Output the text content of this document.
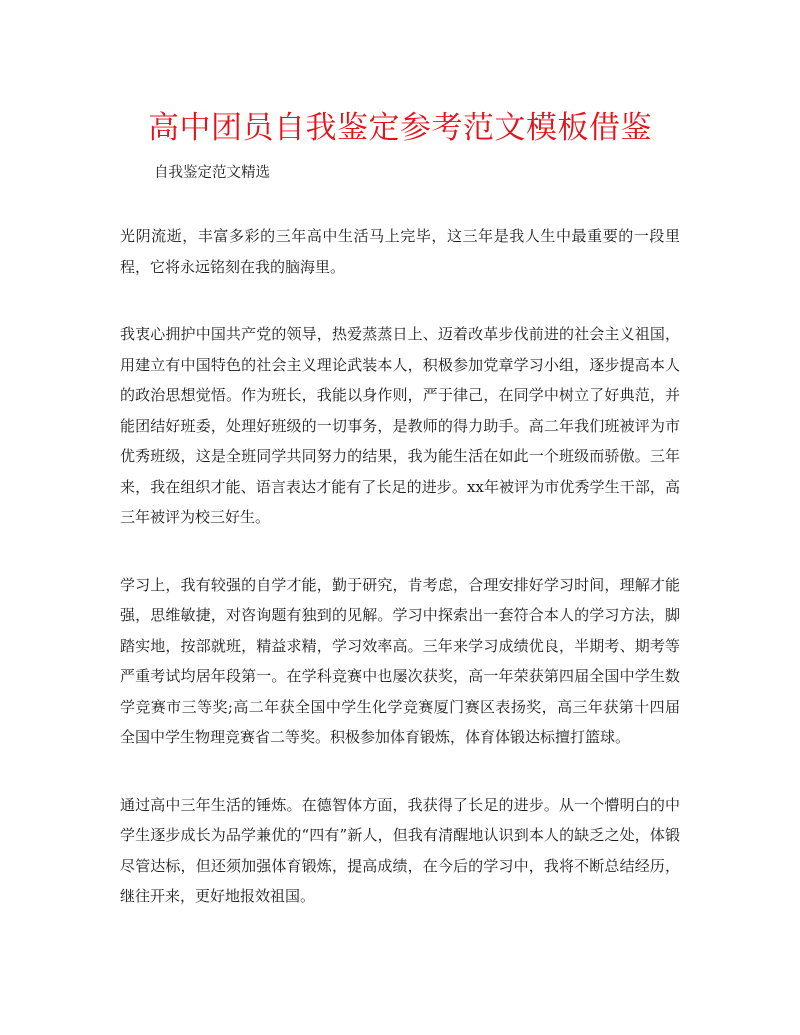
高中团员自我鉴定参考范文模板借鉴

自我鉴定范文精选

光阴流逝，丰富多彩的三年高中生活马上完毕，这三年是我人生中最重要的一段里程，它将永远铭刻在我的脑海里。

我衷心拥护中国共产党的领导，热爱蒸蒸日上、迈着改革步伐前进的社会主义祖国，用建立有中国特色的社会主义理论武装本人，积极参加党章学习小组，逐步提高本人的政治思想觉悟。作为班长，我能以身作则，严于律己，在同学中树立了好典范，并能团结好班委，处理好班级的一切事务，是教师的得力助手。高二年我们班被评为市优秀班级，这是全班同学共同努力的结果，我为能生活在如此一个班级而骄傲。三年来，我在组织才能、语言表达才能有了长足的进步。xx年被评为市优秀学生干部，高三年被评为校三好生。

学习上，我有较强的自学才能，勤于研究，肯考虑，合理安排好学习时间，理解才能强，思维敏捷，对咨询题有独到的见解。学习中探索出一套符合本人的学习方法，脚踏实地，按部就班，精益求精，学习效率高。三年来学习成绩优良，半期考、期考等严重考试均居年段第一。在学科竞赛中也屡次获奖，高一年荣获第四届全国中学生数学竞赛市三等奖;高二年获全国中学生化学竞赛厦门赛区表扬奖，高三年获第十四届全国中学生物理竞赛省二等奖。积极参加体育锻炼，体育体锻达标擅打篮球。

通过高中三年生活的锤炼。在德智体方面，我获得了长足的进步。从一个懵明白的中学生逐步成长为品学兼优的“四有”新人，但我有清醒地认识到本人的缺乏之处，体锻尽管达标，但还须加强体育锻炼，提高成绩，在今后的学习中，我将不断总结经历，继往开来，更好地报效祖国。
